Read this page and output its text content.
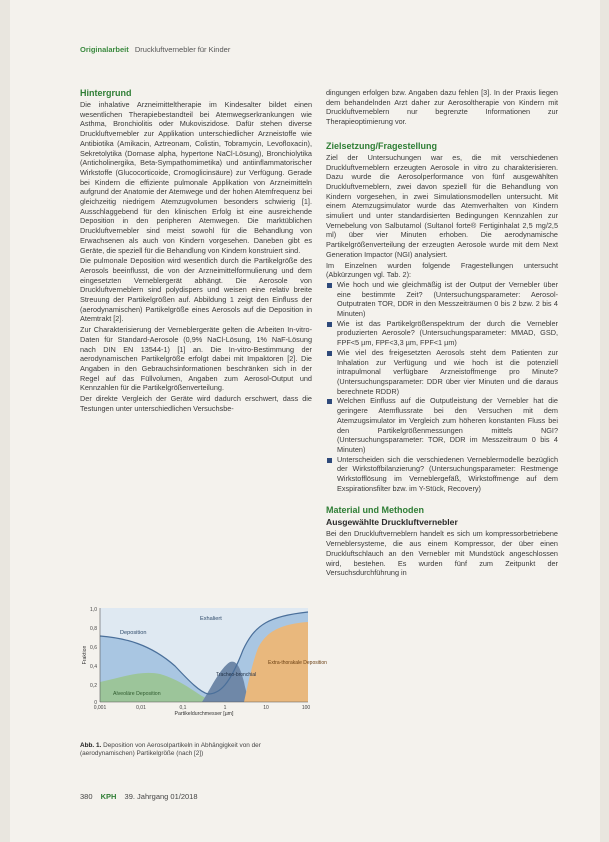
Originalarbeit Druckluftvernebler für Kinder
Hintergrund

Die inhalative Arzneimitteltherapie im Kindesalter bildet einen wesentlichen Therapiebestandteil bei Atemwegserkrankungen wie Asthma, Bronchiolitis oder Mukoviszidose. Dafür stehen diverse Druckluftvernebler zur Applikation unterschiedlicher Arzneistoffe wie Antibiotika (Amikacin, Aztreonam, Colistin, Tobramycin, Levofloxacin), Sekretolytika (Dornase alpha, hypertone NaCl-Lösung), Bronchiolytika (Anticholinergika, Beta-Sympathomimetika) und antiinflammatorischer Wirkstoffe (Glucocorticoide, Cromoglicinsäure) zur Verfügung. Gerade bei Kindern die effiziente pulmonale Applikation von Arzneimitteln aufgrund der Anatomie der Atemwege und der hohen Atemfrequenz bei gleichzeitig niedrigem Atemzugvolumen besonders schwierig [1]. Ausschlaggebend für den klinischen Erfolg ist eine ausreichende Deposition in den peripheren Atemwegen. Die marktüblichen Druckluftvernebler sind meist sowohl für die Behandlung von Erwachsenen als auch von Kindern vorgesehen. Daneben gibt es Geräte, die speziell für die Behandlung von Kindern konstruiert sind.

Die pulmonale Deposition wird wesentlich durch die Partikelgröße des Aerosols beeinflusst, die von der Arzneimittelformulierung und dem eingesetzten Verneblergerät abhängt. Die Aerosole von Druckluftverneblern sind polydispers und weisen eine relativ breite Streuung der Partikelgrößen auf. Abbildung 1 zeigt den Einfluss der (aerodynamischen) Partikelgröße eines Aerosols auf die Deposition in Atemtrakt [2].

Zur Charakterisierung der Verneblergeräte gelten die Arbeiten In-vitro-Daten für Standard-Aerosole (0,9% NaCl-Lösung, 1% NaF-Lösung nach DIN EN 13544-1) [1] an. Die In-vitro-Bestimmung der aerodynamischen Partikelgröße erfolgt dabei mit Impaktoren [2]. Die Angaben in den Gebrauchsinformationen beschränken sich in der Regel auf das Füllvolumen, Angaben zum Aerosol-Output und Kennzahlen für die Partikelgrößenverteilung.

Der direkte Vergleich der Geräte wird dadurch erschwert, dass die Testungen unter unterschiedlichen Versuchsbe-

1,0
0,8
0,6
0,4
0,2
0
0,001	0,01	0,1	1	10	100
Partikeldurchmesser [µm]
Fraktion
Exhaliert
Deposition
Alveoläre Deposition
Tracheo-bronchial
Extra-thorakale Deposition
Abb. 1. Deposition von Aerosolpartikeln in Abhängigkeit von der (aerodynamischen) Partikelgröße (nach [2])

dingungen erfolgen bzw. Angaben dazu fehlen [3]. In der Praxis liegen dem behandelnden Arzt daher zur Aerosoltherapie von Kindern mit Druckluftverneblern nur begrenzte Informationen zur Therapieoptimierung vor.

Zielsetzung/Fragestellung

Ziel der Untersuchungen war es, die mit verschiedenen Druckluftverneblern erzeugten Aerosole in vitro zu charakterisieren. Dazu wurde die Aerosolperformance von fünf ausgewählten Druckluftverneblern, zwei davon speziell für die Behandlung von Kindern vorgesehen, in zwei Simulationsmodellen untersucht. Mit einem Atemzugsimulator wurde das Atemverhalten von Kindern simuliert und unter standardisierten Bedingungen Kennzahlen zur Vernebelung von Salbutamol (Sultanol forte® Fertiginhalat 2,5 mg/2,5 ml) über vier Minuten erhoben. Die aerodynamische Partikelgrößenverteilung der erzeugten Aerosole wurde mit dem Next Generation Impactor (NGI) analysiert.

Im Einzelnen wurden folgende Fragestellungen untersucht (Abkürzungen vgl. Tab. 2):

Wie hoch und wie gleichmäßig ist der Output der Vernebler über eine bestimmte Zeit? (Untersuchungsparameter: Aerosol-Outputraten TOR, DDR in den Messzeiträumen 0 bis 2 bzw. 2 bis 4 Minuten)
Wie ist das Partikelgrößenspektrum der durch die Vernebler produzierten Aerosole? (Untersuchungsparameter: MMAD, GSD, FPF<5 µm, FPF<3,3 µm, FPF<1 µm)
Wie viel des freigesetzten Aerosols steht dem Patienten zur Inhalation zur Verfügung und wie hoch ist die potenziell intrapulmonal verfügbare Arzneistoffmenge pro Minute? (Untersuchungsparameter: DDR über vier Minuten und die daraus berechnete RDDR)
Welchen Einfluss auf die Outputleistung der Vernebler hat die geringere Atemflussrate bei den Versuchen mit dem Atemzugsimulator im Vergleich zum höheren konstanten Fluss bei den Partikelgrößenmessungen mittels NGI? (Untersuchungsparameter: TOR, DDR im Messzeitraum 0 bis 4 Minuten)
Unterscheiden sich die verschiedenen Verneblermodelle bezüglich der Wirkstoffbilanzierung? (Untersuchungsparameter: Restmenge Wirkstofflösung im Verneblergefäß, Wirkstoffmenge auf dem Exspirationsfilter bzw. im Y-Stück, Recovery)
Material und Methoden
Ausgewählte Druckluftvernebler

Bei den Druckluftverneblern handelt es sich um kompressorbetriebene Verneblersysteme, die aus einem Kompressor, der über einen Druckluftschlauch an den Vernebler mit Mundstück angeschlossen wird, bestehen. Es wurden fünf zum Zeitpunkt der Versuchsdurchführung in

380 KPH 39. Jahrgang 01/2018
